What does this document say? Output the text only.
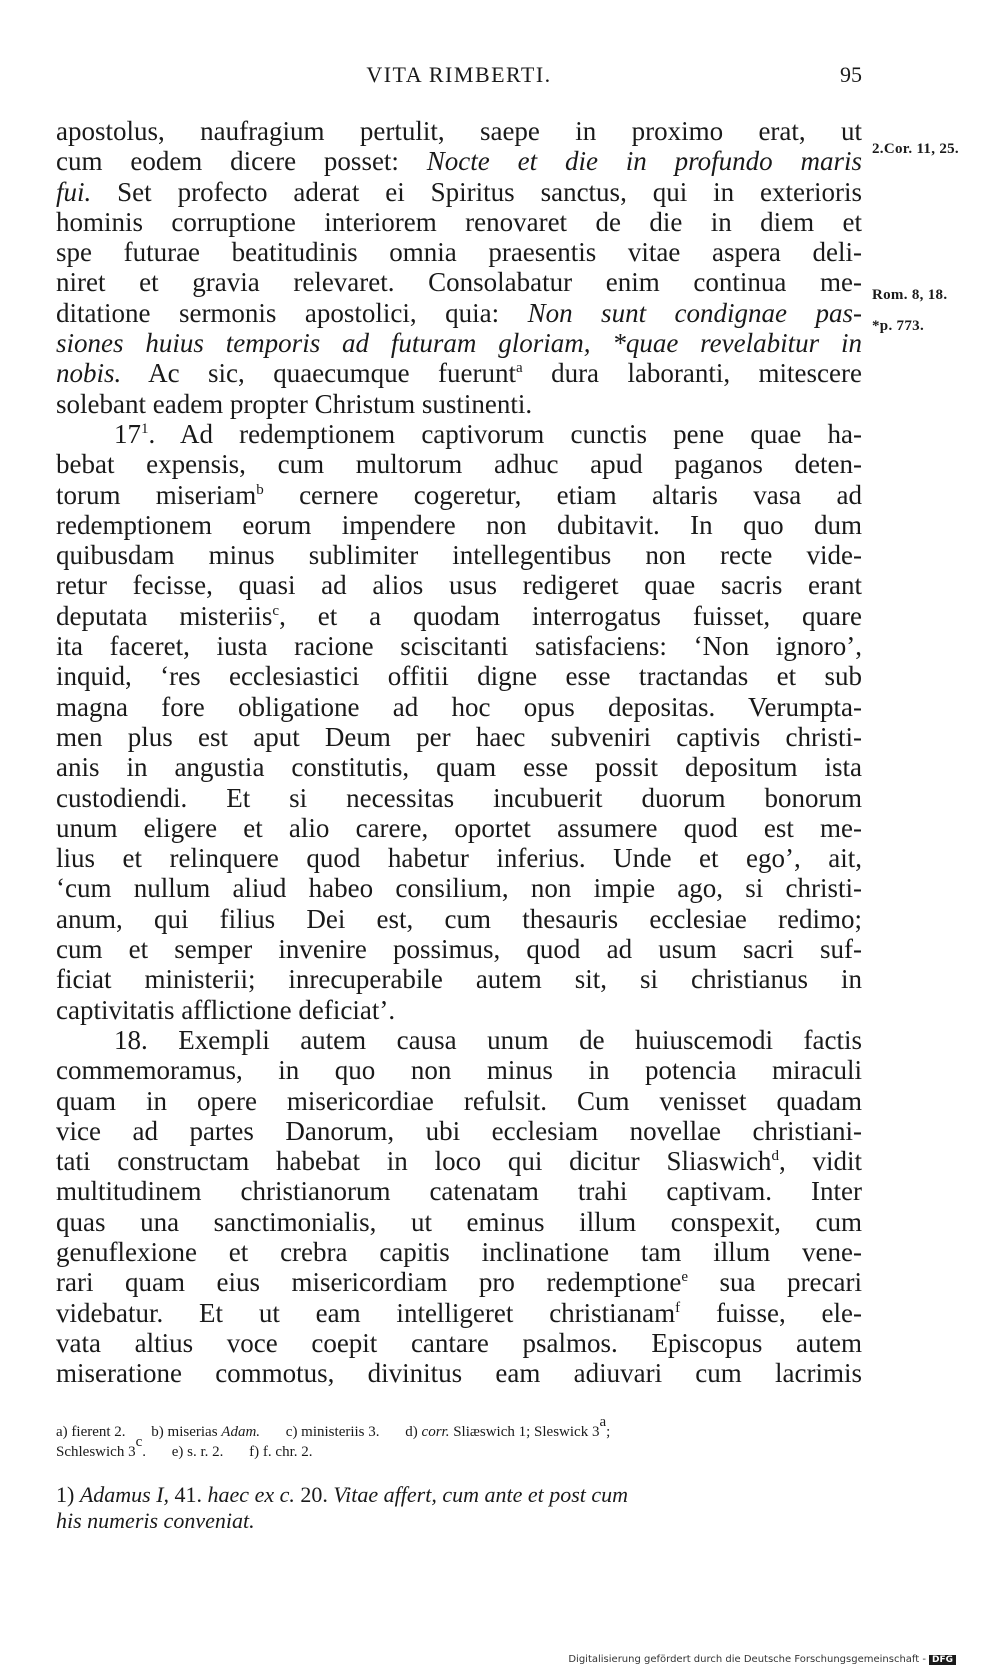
VITA RIMBERTI.	95
2.Cor. 11, 25.
Rom. 8, 18.
*p. 773.
apostolus, naufragium pertulit, saepe in proximo erat, ut
cum eodem dicere posset: Nocte et die in profundo maris
fui. Set profecto aderat ei Spiritus sanctus, qui in exterioris
hominis corruptione interiorem renovaret de die in diem et
spe futurae beatitudinis omnia praesentis vitae aspera deli-
niret et gravia relevaret. Consolabatur enim continua me-
ditatione sermonis apostolici, quia: Non sunt condignae pas-
siones huius temporis ad futuram gloriam, *quae revelabitur in
nobis. Ac sic, quaecumque fuerunt$^a$ dura laboranti, mitescere
solebant eadem propter Christum sustinenti.
$17^1$. Ad redemptionem captivorum cunctis pene quae ha-
bebat expensis, cum multorum adhuc apud paganos deten-
torum miseriam$^b$ cernere cogeretur, etiam altaris vasa ad
redemptionem eorum impendere non dubitavit. In quo dum
quibusdam minus sublimiter intellegentibus non recte vide-
retur fecisse, quasi ad alios usus redigeret quae sacris erant
deputata misteriis$^c$, et a quodam interrogatus fuisset, quare
ita faceret, iusta racione sciscitanti satisfaciens: ‘Non ignoro’,
inquid, ‘res ecclesiastici offitii digne esse tractandas et sub
magna fore obligatione ad hoc opus depositas. Verumpta-
men plus est aput Deum per haec subveniri captivis christi-
anis in angustia constitutis, quam esse possit depositum ista
custodiendi. Et si necessitas incubuerit duorum bonorum
unum eligere et alio carere, oportet assumere quod est me-
lius et relinquere quod habetur inferius. Unde et ego’, ait,
‘cum nullum aliud habeo consilium, non impie ago, si christi-
anum, qui filius Dei est, cum thesauris ecclesiae redimo;
cum et semper invenire possimus, quod ad usum sacri suf-
ficiat ministerii; inrecuperabile autem sit, si christianus in
captivitatis afflictione deficiat’.
18. Exempli autem causa unum de huiuscemodi factis
commemoramus, in quo non minus in potencia miraculi
quam in opere misericordiae refulsit. Cum venisset quadam
vice ad partes Danorum, ubi ecclesiam novellae christiani-
tati constructam habebat in loco qui dicitur Sliaswich$^d$, vidit
multitudinem christianorum catenatam trahi captivam. Inter
quas una sanctimonialis, ut eminus illum conspexit, cum
genuflexione et crebra capitis inclinatione tam illum vene-
rari quam eius misericordiam pro redemptione$^e$ sua precari
videbatur. Et ut eam intelligeret christianam$^f$ fuisse, ele-
vata altius voce coepit cantare psalmos. Episcopus autem
miseratione commotus, divinitus eam adiuvari cum lacrimis
a) fierent 2. b) miserias Adam. c) ministeriis 3. d) corr. Sliæswich 1; Sleswick 3$^a$;
Schleswich 3$^c$. e) s. r. 2. f) f. chr. 2.
1) Adamus I, 41. haec ex c. 20. Vitae affert, cum ante et post cum
his numeris conveniat.
Digitalisierung gefördert durch die Deutsche Forschungsgemeinschaft - DFG
